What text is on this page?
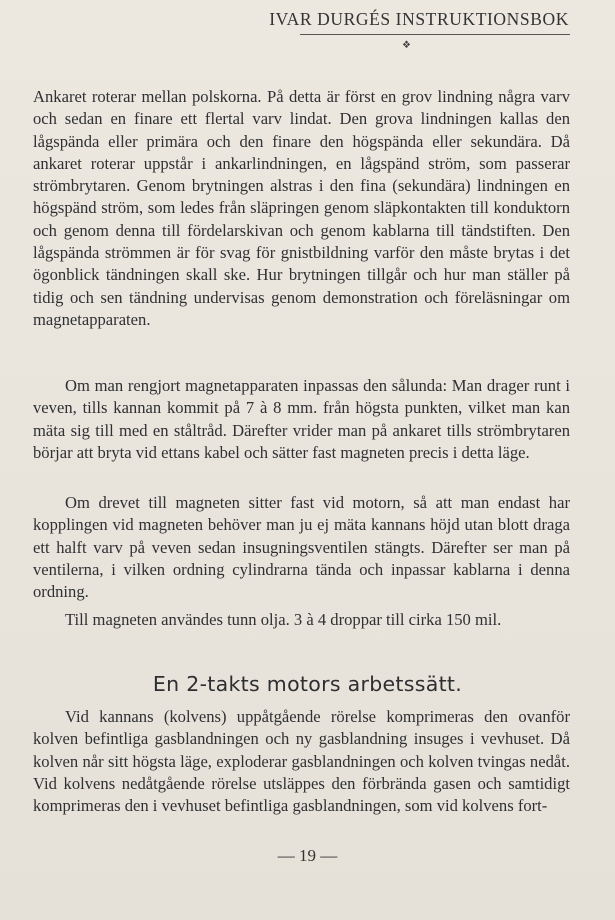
IVAR DURGÉS INSTRUKTIONSBOK
❖

Ankaret roterar mellan polskorna. På detta är först en grov lindning några varv och sedan en finare ett flertal varv lindat. Den grova lindningen kallas den lågspända eller primära och den finare den högspända eller sekundära. Då ankaret roterar uppstår i ankarlindningen, en lågspänd ström, som passerar strömbrytaren. Genom brytningen alstras i den fina (sekundära) lindningen en högspänd ström, som ledes från släpringen genom släpkontakten till konduktorn och genom denna till fördelarskivan och genom kablarna till tändstiften. Den lågspända strömmen är för svag för gnistbildning varför den måste brytas i det ögonblick tändningen skall ske. Hur brytningen tillgår och hur man ställer på tidig och sen tändning undervisas genom demonstration och föreläsningar om magnetapparaten.

Om man rengjort magnetapparaten inpassas den sålunda: Man drager runt i veven, tills kannan kommit på 7 à 8 mm. från högsta punkten, vilket man kan mäta sig till med en ståltråd. Därefter vrider man på ankaret tills strömbrytaren börjar att bryta vid ettans kabel och sätter fast magneten precis i detta läge.

Om drevet till magneten sitter fast vid motorn, så att man endast har kopplingen vid magneten behöver man ju ej mäta kannans höjd utan blott draga ett halft varv på veven sedan insugningsventilen stängts. Därefter ser man på ventilerna, i vilken ordning cylindrarna tända och inpassar kablarna i denna ordning.

Till magneten användes tunn olja. 3 à 4 droppar till cirka 150 mil.

En 2-takts motors arbetssätt.

Vid kannans (kolvens) uppåtgående rörelse komprimeras den ovanför kolven befintliga gasblandningen och ny gasblandning insuges i vevhuset. Då kolven når sitt högsta läge, exploderar gasblandningen och kolven tvingas nedåt. Vid kolvens nedåtgående rörelse utsläppes den förbrända gasen och samtidigt komprimeras den i vevhuset befintliga gasblandningen, som vid kolvens fort-

— 19 —
